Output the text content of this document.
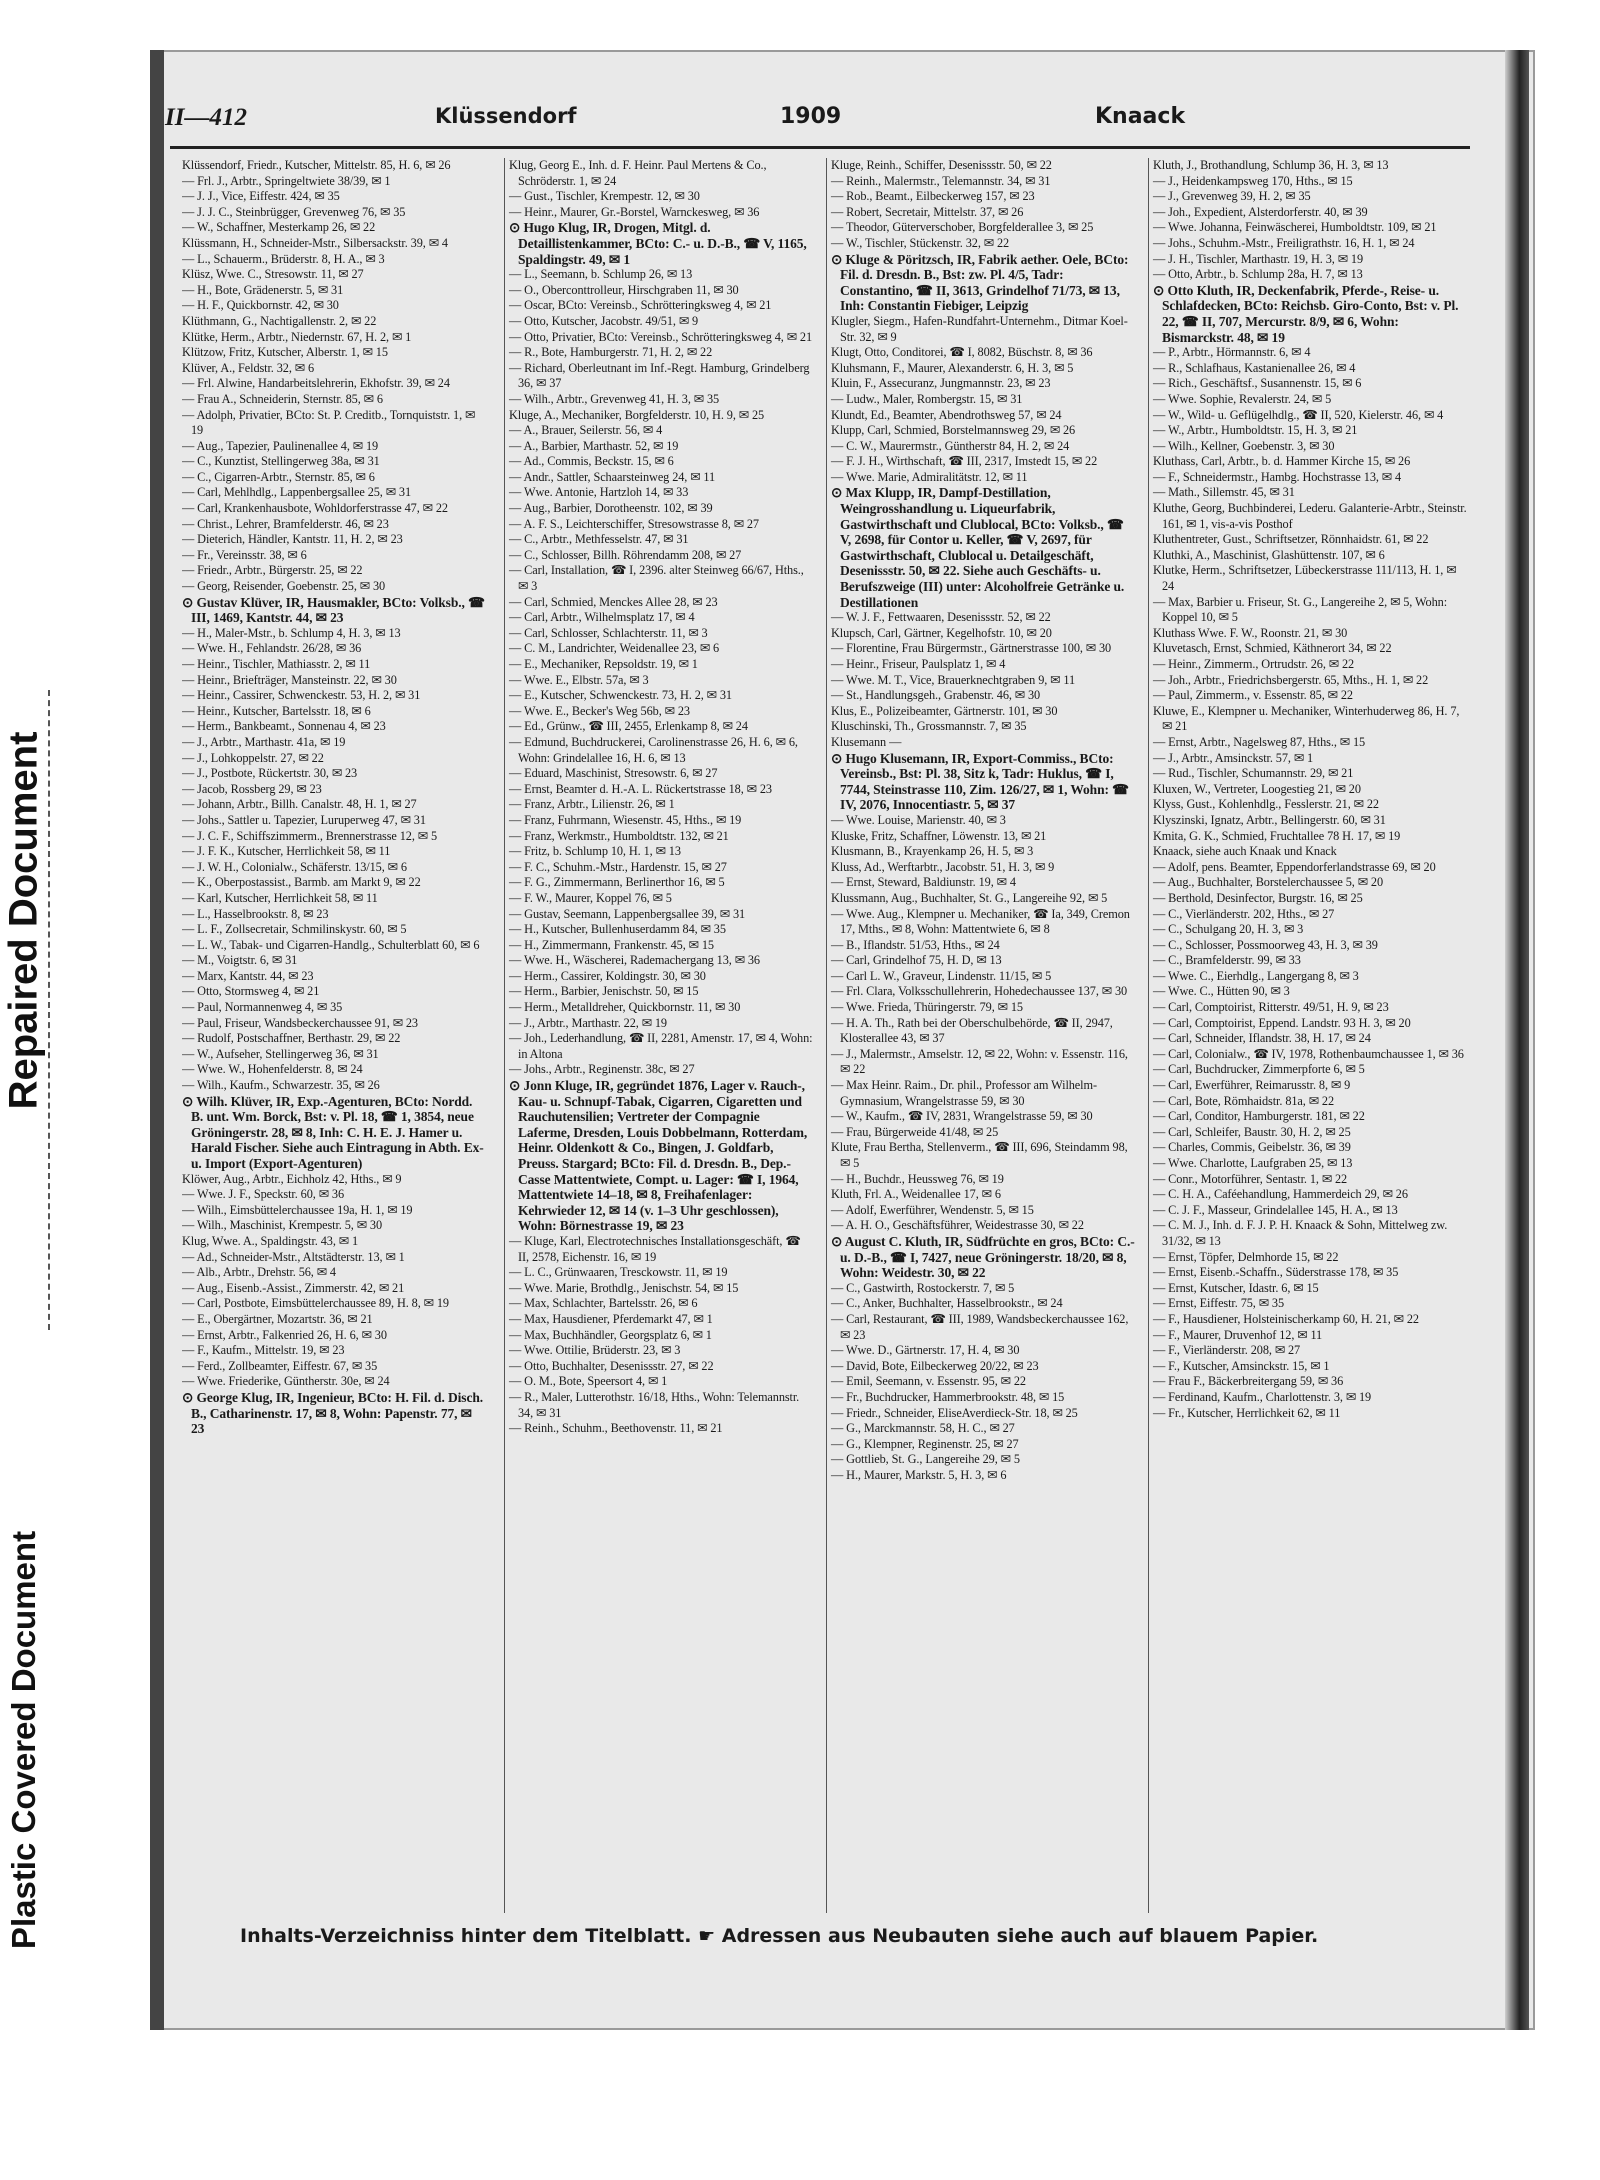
Repaired Document
Plastic Covered Document
II—412	Klüssendorf	1909	Knaack

Klüssendorf, Friedr., Kutscher, Mittelstr. 85, H. 6, ✉ 26

— Frl. J., Arbtr., Springeltwiete 38/39, ✉ 1

— J. J., Vice, Eiffestr. 424, ✉ 35

— J. J. C., Steinbrügger, Grevenweg 76, ✉ 35

— W., Schaffner, Mesterkamp 26, ✉ 22

Klüssmann, H., Schneider-Mstr., Silbersackstr. 39, ✉ 4

— L., Schauerm., Brüderstr. 8, H. A., ✉ 3

Klüsz, Wwe. C., Stresowstr. 11, ✉ 27

— H., Bote, Grädenerstr. 5, ✉ 31

— H. F., Quickbornstr. 42, ✉ 30

Klüthmann, G., Nachtigallenstr. 2, ✉ 22

Klütke, Herm., Arbtr., Niedernstr. 67, H. 2, ✉ 1

Klützow, Fritz, Kutscher, Alberstr. 1, ✉ 15

Klüver, A., Feldstr. 32, ✉ 6

— Frl. Alwine, Handarbeitslehrerin, Ekhofstr. 39, ✉ 24

— Frau A., Schneiderin, Sternstr. 85, ✉ 6

— Adolph, Privatier, BCto: St. P. Creditb., Tornquiststr. 1, ✉ 19

— Aug., Tapezier, Paulinenallee 4, ✉ 19

— C., Kunztist, Stellingerweg 38a, ✉ 31

— C., Cigarren-Arbtr., Sternstr. 85, ✉ 6

— Carl, Mehlhdlg., Lappenbergsallee 25, ✉ 31

— Carl, Krankenhausbote, Wohldorferstrasse 47, ✉ 22

— Christ., Lehrer, Bramfelderstr. 46, ✉ 23

— Dieterich, Händler, Kantstr. 11, H. 2, ✉ 23

— Fr., Vereinsstr. 38, ✉ 6

— Friedr., Arbtr., Bürgerstr. 25, ✉ 22

— Georg, Reisender, Goebenstr. 25, ✉ 30

⊙ Gustav Klüver, IR, Hausmakler, BCto: Volksb., ☎ III, 1469, Kantstr. 44, ✉ 23

— H., Maler-Mstr., b. Schlump 4, H. 3, ✉ 13

— Wwe. H., Fehlandstr. 26/28, ✉ 36

— Heinr., Tischler, Mathiasstr. 2, ✉ 11

— Heinr., Briefträger, Mansteinstr. 22, ✉ 30

— Heinr., Cassirer, Schwenckestr. 53, H. 2, ✉ 31

— Heinr., Kutscher, Bartelsstr. 18, ✉ 6

— Herm., Bankbeamt., Sonnenau 4, ✉ 23

— J., Arbtr., Marthastr. 41a, ✉ 19

— J., Lohkoppelstr. 27, ✉ 22

— J., Postbote, Rückertstr. 30, ✉ 23

— Jacob, Rossberg 29, ✉ 23

— Johann, Arbtr., Billh. Canalstr. 48, H. 1, ✉ 27

— Johs., Sattler u. Tapezier, Luruperweg 47, ✉ 31

— J. C. F., Schiffszimmerm., Brennerstrasse 12, ✉ 5

— J. F. K., Kutscher, Herrlichkeit 58, ✉ 11

— J. W. H., Colonialw., Schäferstr. 13/15, ✉ 6

— K., Oberpostassist., Barmb. am Markt 9, ✉ 22

— Karl, Kutscher, Herrlichkeit 58, ✉ 11

— L., Hasselbrookstr. 8, ✉ 23

— L. F., Zollsecretair, Schmilinskystr. 60, ✉ 5

— L. W., Tabak- und Cigarren-Handlg., Schulterblatt 60, ✉ 6

— M., Voigtstr. 6, ✉ 31

— Marx, Kantstr. 44, ✉ 23

— Otto, Stormsweg 4, ✉ 21

— Paul, Normannenweg 4, ✉ 35

— Paul, Friseur, Wandsbeckerchaussee 91, ✉ 23

— Rudolf, Postschaffner, Berthastr. 29, ✉ 22

— W., Aufseher, Stellingerweg 36, ✉ 31

— Wwe. W., Hohenfelderstr. 8, ✉ 24

— Wilh., Kaufm., Schwarzestr. 35, ✉ 26

⊙ Wilh. Klüver, IR, Exp.-Agenturen, BCto: Nordd. B. unt. Wm. Borck, Bst: v. Pl. 18, ☎ 1, 3854, neue Gröningerstr. 28, ✉ 8, Inh: C. H. E. J. Hamer u. Harald Fischer. Siehe auch Eintragung in Abth. Ex- u. Import (Export-Agenturen)

Klöwer, Aug., Arbtr., Eichholz 42, Hths., ✉ 9

— Wwe. J. F., Speckstr. 60, ✉ 36

— Wilh., Eimsbüttelerchaussee 19a, H. 1, ✉ 19

— Wilh., Maschinist, Krempestr. 5, ✉ 30

Klug, Wwe. A., Spaldingstr. 43, ✉ 1

— Ad., Schneider-Mstr., Altstädterstr. 13, ✉ 1

— Alb., Arbtr., Drehstr. 56, ✉ 4

— Aug., Eisenb.-Assist., Zimmerstr. 42, ✉ 21

— Carl, Postbote, Eimsbüttelerchaussee 89, H. 8, ✉ 19

— E., Obergärtner, Mozartstr. 36, ✉ 21

— Ernst, Arbtr., Falkenried 26, H. 6, ✉ 30

— F., Kaufm., Mittelstr. 19, ✉ 23

— Ferd., Zollbeamter, Eiffestr. 67, ✉ 35

— Wwe. Friederike, Güntherstr. 30e, ✉ 24

⊙ George Klug, IR, Ingenieur, BCto: H. Fil. d. Disch. B., Catharinenstr. 17, ✉ 8, Wohn: Papenstr. 77, ✉ 23

Klug, Georg E., Inh. d. F. Heinr. Paul Mertens & Co., Schröderstr. 1, ✉ 24

— Gust., Tischler, Krempestr. 12, ✉ 30

— Heinr., Maurer, Gr.-Borstel, Warnckesweg, ✉ 36

⊙ Hugo Klug, IR, Drogen, Mitgl. d. Detaillistenkammer, BCto: C.- u. D.-B., ☎ V, 1165, Spaldingstr. 49, ✉ 1

— L., Seemann, b. Schlump 26, ✉ 13

— O., Oberconttrolleur, Hirschgraben 11, ✉ 30

— Oscar, BCto: Vereinsb., Schrötteringksweg 4, ✉ 21

— Otto, Kutscher, Jacobstr. 49/51, ✉ 9

— Otto, Privatier, BCto: Vereinsb., Schrötteringksweg 4, ✉ 21

— R., Bote, Hamburgerstr. 71, H. 2, ✉ 22

— Richard, Oberleutnant im Inf.-Regt. Hamburg, Grindelberg 36, ✉ 37

— Wilh., Arbtr., Grevenweg 41, H. 3, ✉ 35

Kluge, A., Mechaniker, Borgfelderstr. 10, H. 9, ✉ 25

— A., Brauer, Seilerstr. 56, ✉ 4

— A., Barbier, Marthastr. 52, ✉ 19

— Ad., Commis, Beckstr. 15, ✉ 6

— Andr., Sattler, Schaarsteinweg 24, ✉ 11

— Wwe. Antonie, Hartzloh 14, ✉ 33

— Aug., Barbier, Dorotheenstr. 102, ✉ 39

— A. F. S., Leichterschiffer, Stresowstrasse 8, ✉ 27

— C., Arbtr., Methfesselstr. 47, ✉ 31

— C., Schlosser, Billh. Röhrendamm 208, ✉ 27

— Carl, Installation, ☎ I, 2396. alter Steinweg 66/67, Hths., ✉ 3

— Carl, Schmied, Menckes Allee 28, ✉ 23

— Carl, Arbtr., Wilhelmsplatz 17, ✉ 4

— Carl, Schlosser, Schlachterstr. 11, ✉ 3

— C. M., Landrichter, Weidenallee 23, ✉ 6

— E., Mechaniker, Repsoldstr. 19, ✉ 1

— Wwe. E., Elbstr. 57a, ✉ 3

— E., Kutscher, Schwenckestr. 73, H. 2, ✉ 31

— Wwe. E., Becker's Weg 56b, ✉ 23

— Ed., Grünw., ☎ III, 2455, Erlenkamp 8, ✉ 24

— Edmund, Buchdruckerei, Carolinenstrasse 26, H. 6, ✉ 6, Wohn: Grindelallee 16, H. 6, ✉ 13

— Eduard, Maschinist, Stresowstr. 6, ✉ 27

— Ernst, Beamter d. H.-A. L. Rückertstrasse 18, ✉ 23

— Franz, Arbtr., Lilienstr. 26, ✉ 1

— Franz, Fuhrmann, Wiesenstr. 45, Hths., ✉ 19

— Franz, Werkmstr., Humboldtstr. 132, ✉ 21

— Fritz, b. Schlump 10, H. 1, ✉ 13

— F. C., Schuhm.-Mstr., Hardenstr. 15, ✉ 27

— F. G., Zimmermann, Berlinerthor 16, ✉ 5

— F. W., Maurer, Koppel 76, ✉ 5

— Gustav, Seemann, Lappenbergsallee 39, ✉ 31

— H., Kutscher, Bullenhuserdamm 84, ✉ 35

— H., Zimmermann, Frankenstr. 45, ✉ 15

— Wwe. H., Wäscherei, Rademachergang 13, ✉ 36

— Herm., Cassirer, Koldingstr. 30, ✉ 30

— Herm., Barbier, Jenischstr. 50, ✉ 15

— Herm., Metalldreher, Quickbornstr. 11, ✉ 30

— J., Arbtr., Marthastr. 22, ✉ 19

— Joh., Lederhandlung, ☎ II, 2281, Amenstr. 17, ✉ 4, Wohn: in Altona

— Johs., Arbtr., Reginenstr. 38c, ✉ 27

⊙ Jonn Kluge, IR, gegründet 1876, Lager v. Rauch-, Kau- u. Schnupf-Tabak, Cigarren, Cigaretten und Rauchutensilien; Vertreter der Compagnie Laferme, Dresden, Louis Dobbelmann, Rotterdam, Heinr. Oldenkott & Co., Bingen, J. Goldfarb, Preuss. Stargard; BCto: Fil. d. Dresdn. B., Dep.-Casse Mattentwiete, Compt. u. Lager: ☎ I, 1964, Mattentwiete 14–18, ✉ 8, Freihafenlager: Kehrwieder 12, ✉ 14 (v. 1–3 Uhr geschlossen), Wohn: Börnestrasse 19, ✉ 23

— Kluge, Karl, Electrotechnisches Installationsgeschäft, ☎ II, 2578, Eichenstr. 16, ✉ 19

— L. C., Grünwaaren, Tresckowstr. 11, ✉ 19

— Wwe. Marie, Brothdlg., Jenischstr. 54, ✉ 15

— Max, Schlachter, Bartelsstr. 26, ✉ 6

— Max, Hausdiener, Pferdemarkt 47, ✉ 1

— Max, Buchhändler, Georgsplatz 6, ✉ 1

— Wwe. Ottilie, Brüderstr. 23, ✉ 3

— Otto, Buchhalter, Desenissstr. 27, ✉ 22

— O. M., Bote, Speersort 4, ✉ 1

— R., Maler, Lutterothstr. 16/18, Hths., Wohn: Telemannstr. 34, ✉ 31

— Reinh., Schuhm., Beethovenstr. 11, ✉ 21

Kluge, Reinh., Schiffer, Desenissstr. 50, ✉ 22

— Reinh., Malermstr., Telemannstr. 34, ✉ 31

— Rob., Beamt., Eilbeckerweg 157, ✉ 23

— Robert, Secretair, Mittelstr. 37, ✉ 26

— Theodor, Güterverschober, Borgfelderallee 3, ✉ 25

— W., Tischler, Stückenstr. 32, ✉ 22

⊙ Kluge & Pöritzsch, IR, Fabrik aether. Oele, BCto: Fil. d. Dresdn. B., Bst: zw. Pl. 4/5, Tadr: Constantino, ☎ II, 3613, Grindelhof 71/73, ✉ 13, Inh: Constantin Fiebiger, Leipzig

Klugler, Siegm., Hafen-Rundfahrt-Unternehm., Ditmar Koel-Str. 32, ✉ 9

Klugt, Otto, Conditorei, ☎ I, 8082, Büschstr. 8, ✉ 36

Kluhsmann, F., Maurer, Alexanderstr. 6, H. 3, ✉ 5

Kluin, F., Assecuranz, Jungmannstr. 23, ✉ 23

— Ludw., Maler, Rombergstr. 15, ✉ 31

Klundt, Ed., Beamter, Abendrothsweg 57, ✉ 24

Klupp, Carl, Schmied, Borstelmannsweg 29, ✉ 26

— C. W., Maurermstr., Güntherstr 84, H. 2, ✉ 24

— F. J. H., Wirthschaft, ☎ III, 2317, Imstedt 15, ✉ 22

— Wwe. Marie, Admiralitätstr. 12, ✉ 11

⊙ Max Klupp, IR, Dampf-Destillation, Weingrosshandlung u. Liqueurfabrik, Gastwirthschaft und Clublocal, BCto: Volksb., ☎ V, 2698, für Contor u. Keller, ☎ V, 2697, für Gastwirthschaft, Clublocal u. Detailgeschäft, Desenissstr. 50, ✉ 22. Siehe auch Geschäfts- u. Berufszweige (III) unter: Alcoholfreie Getränke u. Destillationen

— W. J. F., Fettwaaren, Desenissstr. 52, ✉ 22

Klupsch, Carl, Gärtner, Kegelhofstr. 10, ✉ 20

— Florentine, Frau Bürgermstr., Gärtnerstrasse 100, ✉ 30

— Heinr., Friseur, Paulsplatz 1, ✉ 4

— Wwe. M. T., Vice, Brauerknechtgraben 9, ✉ 11

— St., Handlungsgeh., Grabenstr. 46, ✉ 30

Klus, E., Polizeibeamter, Gärtnerstr. 101, ✉ 30

Kluschinski, Th., Grossmannstr. 7, ✉ 35

Klusemann —

⊙ Hugo Klusemann, IR, Export-Commiss., BCto: Vereinsb., Bst: Pl. 38, Sitz k, Tadr: Huklus, ☎ I, 7744, Steinstrasse 110, Zim. 126/27, ✉ 1, Wohn: ☎ IV, 2076, Innocentiastr. 5, ✉ 37

— Wwe. Louise, Marienstr. 40, ✉ 3

Kluske, Fritz, Schaffner, Löwenstr. 13, ✉ 21

Klusmann, B., Krayenkamp 26, H. 5, ✉ 3

Kluss, Ad., Werftarbtr., Jacobstr. 51, H. 3, ✉ 9

— Ernst, Steward, Baldiunstr. 19, ✉ 4

Klussmann, Aug., Buchhalter, St. G., Langereihe 92, ✉ 5

— Wwe. Aug., Klempner u. Mechaniker, ☎ Ia, 349, Cremon 17, Mths., ✉ 8, Wohn: Mattentwiete 6, ✉ 8

— B., Iflandstr. 51/53, Hths., ✉ 24

— Carl, Grindelhof 75, H. D, ✉ 13

— Carl L. W., Graveur, Lindenstr. 11/15, ✉ 5

— Frl. Clara, Volksschullehrerin, Hohedechaussee 137, ✉ 30

— Wwe. Frieda, Thüringerstr. 79, ✉ 15

— H. A. Th., Rath bei der Oberschulbehörde, ☎ II, 2947, Klosterallee 43, ✉ 37

— J., Malermstr., Amselstr. 12, ✉ 22, Wohn: v. Essenstr. 116, ✉ 22

— Max Heinr. Raim., Dr. phil., Professor am Wilhelm-Gymnasium, Wrangelstrasse 59, ✉ 30

— W., Kaufm., ☎ IV, 2831, Wrangelstrasse 59, ✉ 30

— Frau, Bürgerweide 41/48, ✉ 25

Klute, Frau Bertha, Stellenverm., ☎ III, 696, Steindamm 98, ✉ 5

— H., Buchdr., Heussweg 76, ✉ 19

Kluth, Frl. A., Weidenallee 17, ✉ 6

— Adolf, Ewerführer, Wendenstr. 5, ✉ 15

— A. H. O., Geschäftsführer, Weidestrasse 30, ✉ 22

⊙ August C. Kluth, IR, Südfrüchte en gros, BCto: C.- u. D.-B., ☎ I, 7427, neue Gröningerstr. 18/20, ✉ 8, Wohn: Weidestr. 30, ✉ 22

— C., Gastwirth, Rostockerstr. 7, ✉ 5

— C., Anker, Buchhalter, Hasselbrookstr., ✉ 24

— Carl, Restaurant, ☎ III, 1989, Wandsbeckerchaussee 162, ✉ 23

— Wwe. D., Gärtnerstr. 17, H. 4, ✉ 30

— David, Bote, Eilbeckerweg 20/22, ✉ 23

— Emil, Seemann, v. Essenstr. 95, ✉ 22

— Fr., Buchdrucker, Hammerbrookstr. 48, ✉ 15

— Friedr., Schneider, EliseAverdieck-Str. 18, ✉ 25

— G., Marckmannstr. 58, H. C., ✉ 27

— G., Klempner, Reginenstr. 25, ✉ 27

— Gottlieb, St. G., Langereihe 29, ✉ 5

— H., Maurer, Markstr. 5, H. 3, ✉ 6

Kluth, J., Brothandlung, Schlump 36, H. 3, ✉ 13

— J., Heidenkampsweg 170, Hths., ✉ 15

— J., Grevenweg 39, H. 2, ✉ 35

— Joh., Expedient, Alsterdorferstr. 40, ✉ 39

— Wwe. Johanna, Feinwäscherei, Humboldtstr. 109, ✉ 21

— Johs., Schuhm.-Mstr., Freiligrathstr. 16, H. 1, ✉ 24

— J. H., Tischler, Marthastr. 19, H. 3, ✉ 19

— Otto, Arbtr., b. Schlump 28a, H. 7, ✉ 13

⊙ Otto Kluth, IR, Deckenfabrik, Pferde-, Reise- u. Schlafdecken, BCto: Reichsb. Giro-Conto, Bst: v. Pl. 22, ☎ II, 707, Mercurstr. 8/9, ✉ 6, Wohn: Bismarckstr. 48, ✉ 19

— P., Arbtr., Hörmannstr. 6, ✉ 4

— R., Schlafhaus, Kastanienallee 26, ✉ 4

— Rich., Geschäftsf., Susannenstr. 15, ✉ 6

— Wwe. Sophie, Revalerstr. 24, ✉ 5

— W., Wild- u. Geflügelhdlg., ☎ II, 520, Kielerstr. 46, ✉ 4

— W., Arbtr., Humboldtstr. 15, H. 3, ✉ 21

— Wilh., Kellner, Goebenstr. 3, ✉ 30

Kluthass, Carl, Arbtr., b. d. Hammer Kirche 15, ✉ 26

— F., Schneidermstr., Hambg. Hochstrasse 13, ✉ 4

— Math., Sillemstr. 45, ✉ 31

Kluthe, Georg, Buchbinderei, Lederu. Galanterie-Arbtr., Steinstr. 161, ✉ 1, vis-a-vis Posthof

Kluthentreter, Gust., Schriftsetzer, Rönnhaidstr. 61, ✉ 22

Kluthki, A., Maschinist, Glashüttenstr. 107, ✉ 6

Klutke, Herm., Schriftsetzer, Lübeckerstrasse 111/113, H. 1, ✉ 24

— Max, Barbier u. Friseur, St. G., Langereihe 2, ✉ 5, Wohn: Koppel 10, ✉ 5

Kluthass Wwe. F. W., Roonstr. 21, ✉ 30

Kluvetasch, Ernst, Schmied, Käthnerort 34, ✉ 22

— Heinr., Zimmerm., Ortrudstr. 26, ✉ 22

— Joh., Arbtr., Friedrichsbergerstr. 65, Mths., H. 1, ✉ 22

— Paul, Zimmerm., v. Essenstr. 85, ✉ 22

Kluwe, E., Klempner u. Mechaniker, Winterhuderweg 86, H. 7, ✉ 21

— Ernst, Arbtr., Nagelsweg 87, Hths., ✉ 15

— J., Arbtr., Amsinckstr. 57, ✉ 1

— Rud., Tischler, Schumannstr. 29, ✉ 21

Kluxen, W., Vertreter, Loogestieg 21, ✉ 20

Klyss, Gust., Kohlenhdlg., Fesslerstr. 21, ✉ 22

Klyszinski, Ignatz, Arbtr., Bellingerstr. 60, ✉ 31

Kmita, G. K., Schmied, Fruchtallee 78 H. 17, ✉ 19

Knaack, siehe auch Knaak und Knack

— Adolf, pens. Beamter, Eppendorferlandstrasse 69, ✉ 20

— Aug., Buchhalter, Borstelerchaussee 5, ✉ 20

— Berthold, Desinfector, Burgstr. 16, ✉ 25

— C., Vierländerstr. 202, Hths., ✉ 27

— C., Schulgang 20, H. 3, ✉ 3

— C., Schlosser, Possmoorweg 43, H. 3, ✉ 39

— C., Bramfelderstr. 99, ✉ 33

— Wwe. C., Eierhdlg., Langergang 8, ✉ 3

— Wwe. C., Hütten 90, ✉ 3

— Carl, Comptoirist, Ritterstr. 49/51, H. 9, ✉ 23

— Carl, Comptoirist, Eppend. Landstr. 93 H. 3, ✉ 20

— Carl, Schneider, Iflandstr. 38, H. 17, ✉ 24

— Carl, Colonialw., ☎ IV, 1978, Rothenbaumchaussee 1, ✉ 36

— Carl, Buchdrucker, Zimmerpforte 6, ✉ 5

— Carl, Ewerführer, Reimarusstr. 8, ✉ 9

— Carl, Bote, Römhaidstr. 81a, ✉ 22

— Carl, Conditor, Hamburgerstr. 181, ✉ 22

— Carl, Schleifer, Baustr. 30, H. 2, ✉ 25

— Charles, Commis, Geibelstr. 36, ✉ 39

— Wwe. Charlotte, Laufgraben 25, ✉ 13

— Conr., Motorführer, Sentastr. 1, ✉ 22

— C. H. A., Caféehandlung, Hammerdeich 29, ✉ 26

— C. J. F., Masseur, Grindelallee 145, H. A., ✉ 13

— C. M. J., Inh. d. F. J. P. H. Knaack & Sohn, Mittelweg zw. 31/32, ✉ 13

— Ernst, Töpfer, Delmhorde 15, ✉ 22

— Ernst, Eisenb.-Schaffn., Süderstrasse 178, ✉ 35

— Ernst, Kutscher, Idastr. 6, ✉ 15

— Ernst, Eiffestr. 75, ✉ 35

— F., Hausdiener, Holsteinischerkamp 60, H. 21, ✉ 22

— F., Maurer, Druvenhof 12, ✉ 11

— F., Vierländerstr. 208, ✉ 27

— F., Kutscher, Amsinckstr. 15, ✉ 1

— Frau F., Bäckerbreitergang 59, ✉ 36

— Ferdinand, Kaufm., Charlottenstr. 3, ✉ 19

— Fr., Kutscher, Herrlichkeit 62, ✉ 11

Inhalts-Verzeichniss hinter dem Titelblatt. ☛ Adressen aus Neubauten siehe auch auf blauem Papier.
